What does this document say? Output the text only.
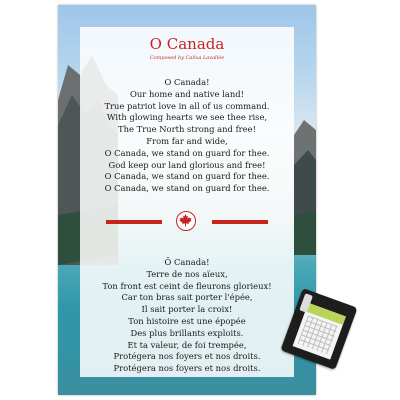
O Canada
Composed by Calixa Lavallée
O Canada!
Our home and native land!
True patriot love in all of us command.
With glowing hearts we see thee rise,
The True North strong and free!
From far and wide,
O Canada, we stand on guard for thee.
God keep our land glorious and free!
O Canada, we stand on guard for thee.
O Canada, we stand on guard for thee.
Ô Canada!
Terre de nos aïeux,
Ton front est ceint de fleurons glorieux!
Car ton bras sait porter l'épée,
Il sait porter la croix!
Ton histoire est une épopée
Des plus brillants exploits.
Et ta valeur, de foi trempée,
Protégera nos foyers et nos droits.
Protégera nos foyers et nos droits.
